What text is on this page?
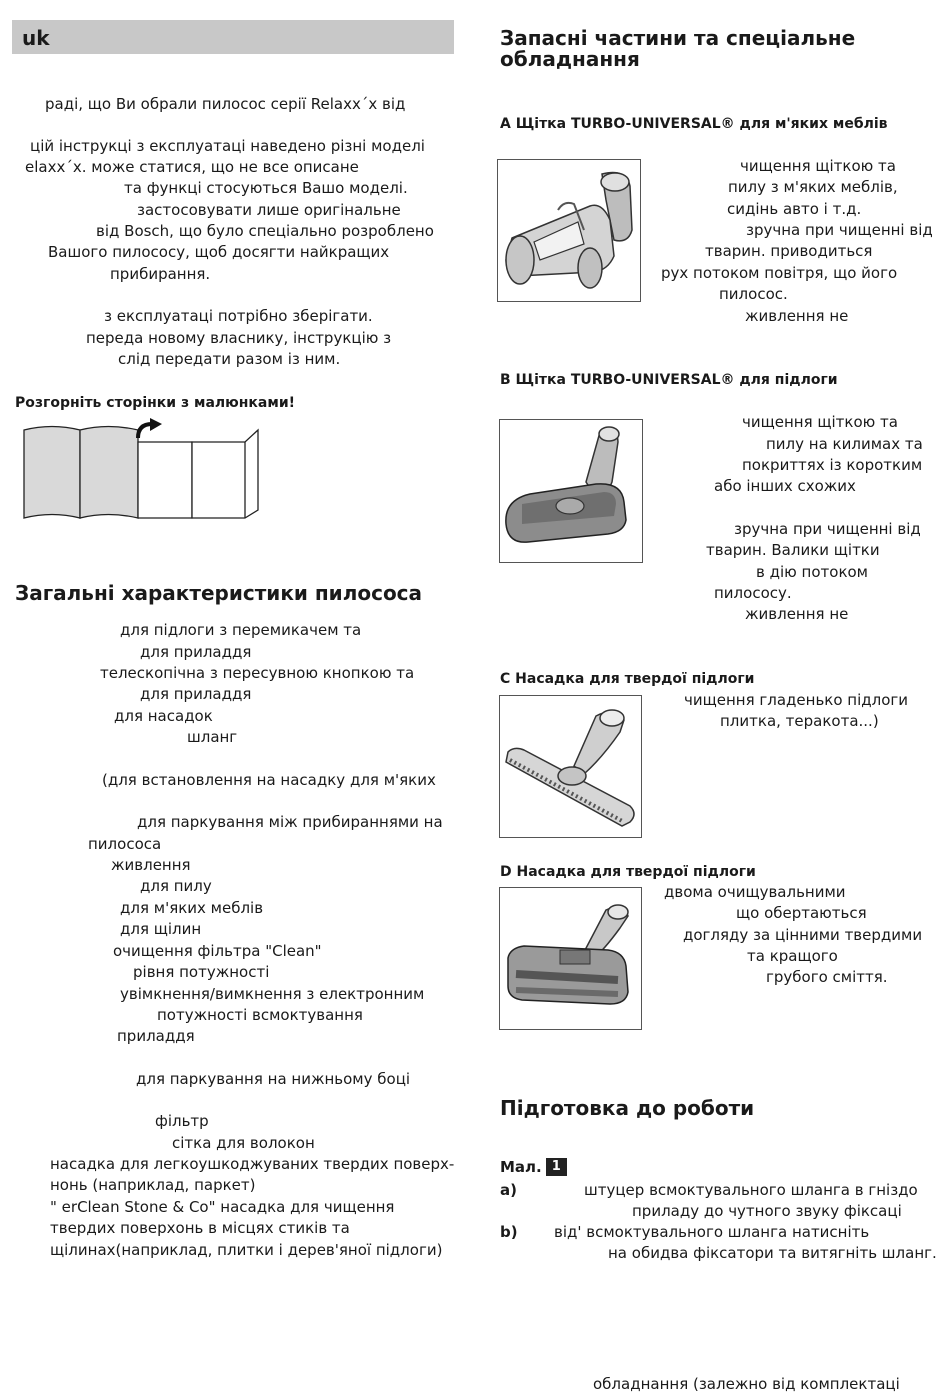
uk
раді, що Ви обрали пилосос серії Relaxx´x від
цій інструкці з експлуатаці наведено різні моделі
elaxx´x. може статися, що не все описане
та функці стосуються Вашо моделі.
застосовувати лише оригінальне
від Bosch, що було спеціально розроблено
Вашого пилососу, щоб досягти найкращих
прибирання.
з експлуатаці потрібно зберігати.
переда новому власнику, інструкцію з
слід передати разом із ним.
Розгорніть сторінки з малюнками!
Загальні характеристики пилососа
для підлоги з перемикачем та
для приладдя
телескопічна з пересувною кнопкою та
для приладдя
для насадок
шланг
(для встановлення на насадку для м'яких
для паркування між прибираннями на
пилососа
живлення
для пилу
для м'яких меблів
для щілин
очищення фільтра "Clean"
рівня потужності
увімкнення/вимкнення з електронним
потужності всмоктування
приладдя
для паркування на нижньому боці
фільтр
сітка для волокон
насадка для легкоушкоджуваних твердих поверх-
нонь (наприклад, паркет)
" erClean Stone & Co" насадка для чищення
твердих поверхонь в місцях стиків та
щілинах(наприклад, плитки і дерев'яної підлоги)
Запасні частини та спеціальне
обладнання
A Щітка TURBO-UNIVERSAL® для м'яких меблів
чищення щіткою та
пилу з м'яких меблів,
сидінь авто і т.д.
зручна при чищенні від
тварин. приводиться
рух потоком повітря, що його
пилосос.
живлення не
B Щітка TURBO-UNIVERSAL® для підлоги
чищення щіткою та
пилу на килимах та
покриттях із коротким
або інших схожих
зручна при чищенні від
тварин. Валики щітки
в дію потоком
пилососу.
живлення не
C Насадка для твердої підлоги
чищення гладенько підлоги
плитка, теракота...)
D Насадка для твердої підлоги
двома очищувальними
що обертаються
догляду за цінними твердими
та кращого
грубого сміття.
Підготовка до роботи
Мал. 1
a)	штуцер всмоктувального шланга в гніздо
приладу до чутного звуку фіксаці
b) від' всмоктувального шланга натисніть
на обидва фіксатори та витягніть шланг.
обладнання (залежно від комплектаці
